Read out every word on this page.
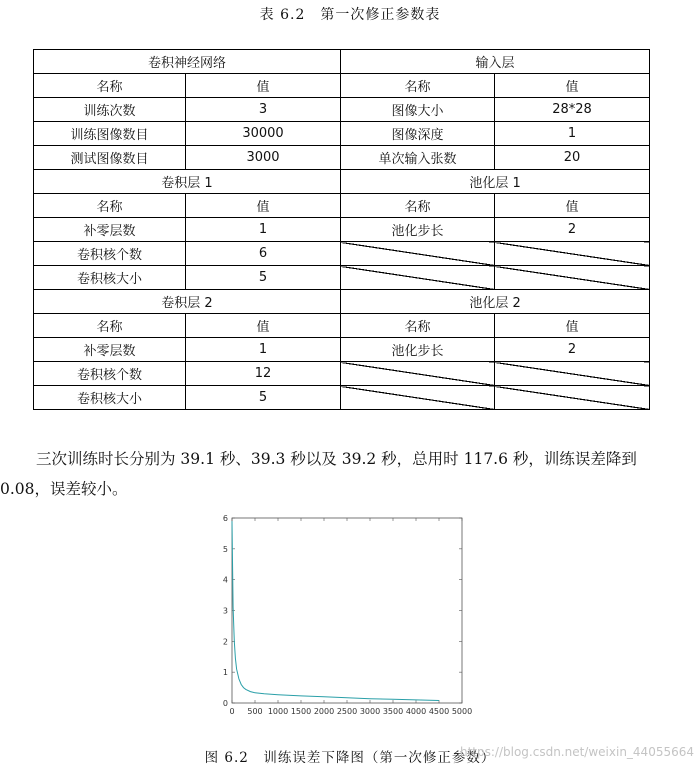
表 6.2　第一次修正参数表
卷积神经网络		输入层	
名称	值	名称	值
训练次数	3	图像大小	28*28
训练图像数目	30000	图像深度	1
测试图像数目	3000	单次输入张数	20
卷积层 1		池化层 1	
名称	值	名称	值
补零层数	1	池化步长	2
卷积核个数	6		
卷积核大小	5		
卷积层 2		池化层 2	
名称	值	名称	值
补零层数	1	池化步长	2
卷积核个数	12		
卷积核大小	5		

三次训练时长分别为 39.1 秒、39.3 秒以及 39.2 秒，总用时 117.6 秒，训练误差降到 0.08，误差较小。

0 500 1000 1500 2000 2500 3000 3500 4000 4500 5000
0
1
2
3
4
5
6
图 6.2　训练误差下降图（第一次修正参数）
https://blog.csdn.net/weixin_44055664
